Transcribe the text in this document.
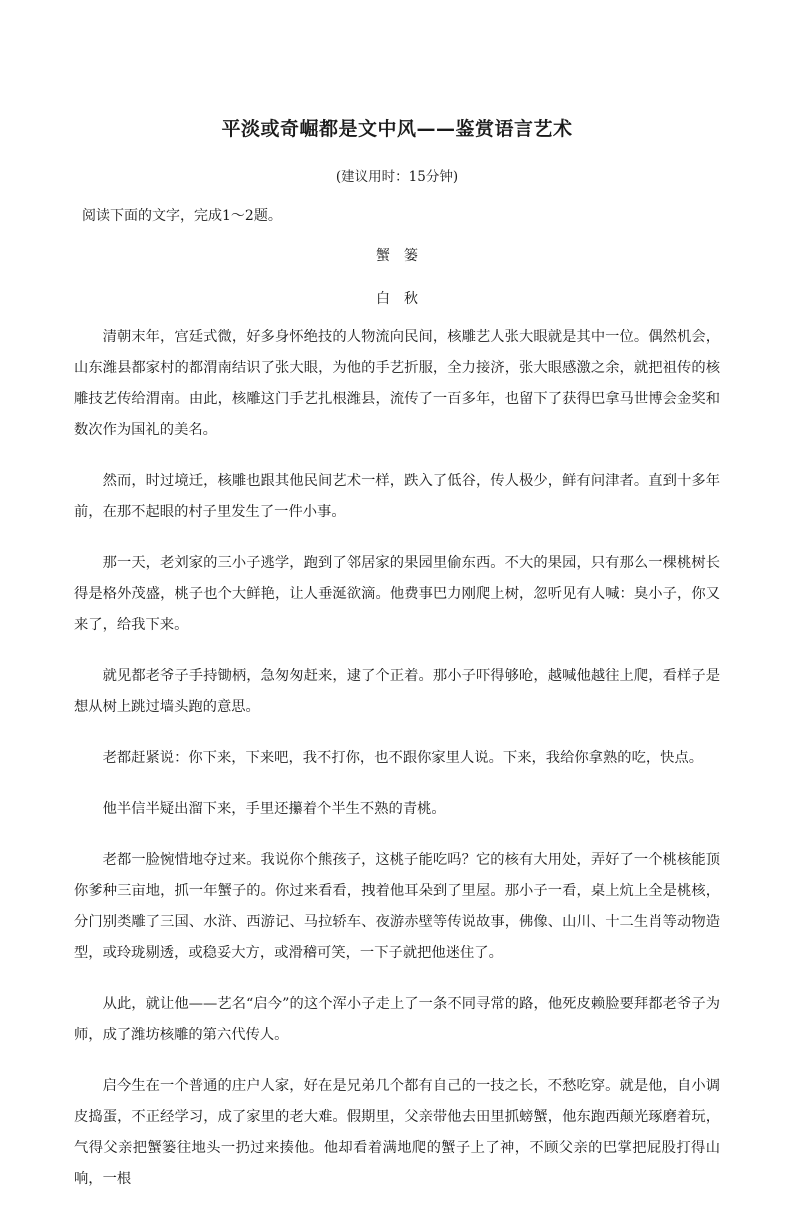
平淡或奇崛都是文中风——鉴赏语言艺术

(建议用时：15分钟)

阅读下面的文字，完成1～2题。

蟹篓

白秋

清朝末年，宫廷式微，好多身怀绝技的人物流向民间，核雕艺人张大眼就是其中一位。偶然机会，山东潍县都家村的都渭南结识了张大眼，为他的手艺折服，全力接济，张大眼感激之余，就把祖传的核雕技艺传给渭南。由此，核雕这门手艺扎根潍县，流传了一百多年，也留下了获得巴拿马世博会金奖和数次作为国礼的美名。

然而，时过境迁，核雕也跟其他民间艺术一样，跌入了低谷，传人极少，鲜有问津者。直到十多年前，在那不起眼的村子里发生了一件小事。

那一天，老刘家的三小子逃学，跑到了邻居家的果园里偷东西。不大的果园，只有那么一棵桃树长得是格外茂盛，桃子也个大鲜艳，让人垂涎欲滴。他费事巴力刚爬上树，忽听见有人喊：臭小子，你又来了，给我下来。

就见都老爷子手持锄柄，急匆匆赶来，逮了个正着。那小子吓得够呛，越喊他越往上爬，看样子是想从树上跳过墙头跑的意思。

老都赶紧说：你下来，下来吧，我不打你，也不跟你家里人说。下来，我给你拿熟的吃，快点。

他半信半疑出溜下来，手里还攥着个半生不熟的青桃。

老都一脸惋惜地夺过来。我说你个熊孩子，这桃子能吃吗？它的核有大用处，弄好了一个桃核能顶你爹种三亩地，抓一年蟹子的。你过来看看，拽着他耳朵到了里屋。那小子一看，桌上炕上全是桃核，分门别类雕了三国、水浒、西游记、马拉轿车、夜游赤壁等传说故事，佛像、山川、十二生肖等动物造型，或玲珑剔透，或稳妥大方，或滑稽可笑，一下子就把他迷住了。

从此，就让他——艺名“启今”的这个浑小子走上了一条不同寻常的路，他死皮赖脸要拜都老爷子为师，成了潍坊核雕的第六代传人。

启今生在一个普通的庄户人家，好在是兄弟几个都有自己的一技之长，不愁吃穿。就是他，自小调皮捣蛋，不正经学习，成了家里的老大难。假期里，父亲带他去田里抓螃蟹，他东跑西颠光琢磨着玩，气得父亲把蟹篓往地头一扔过来揍他。他却看着满地爬的蟹子上了神，不顾父亲的巴掌把屁股打得山响，一根
